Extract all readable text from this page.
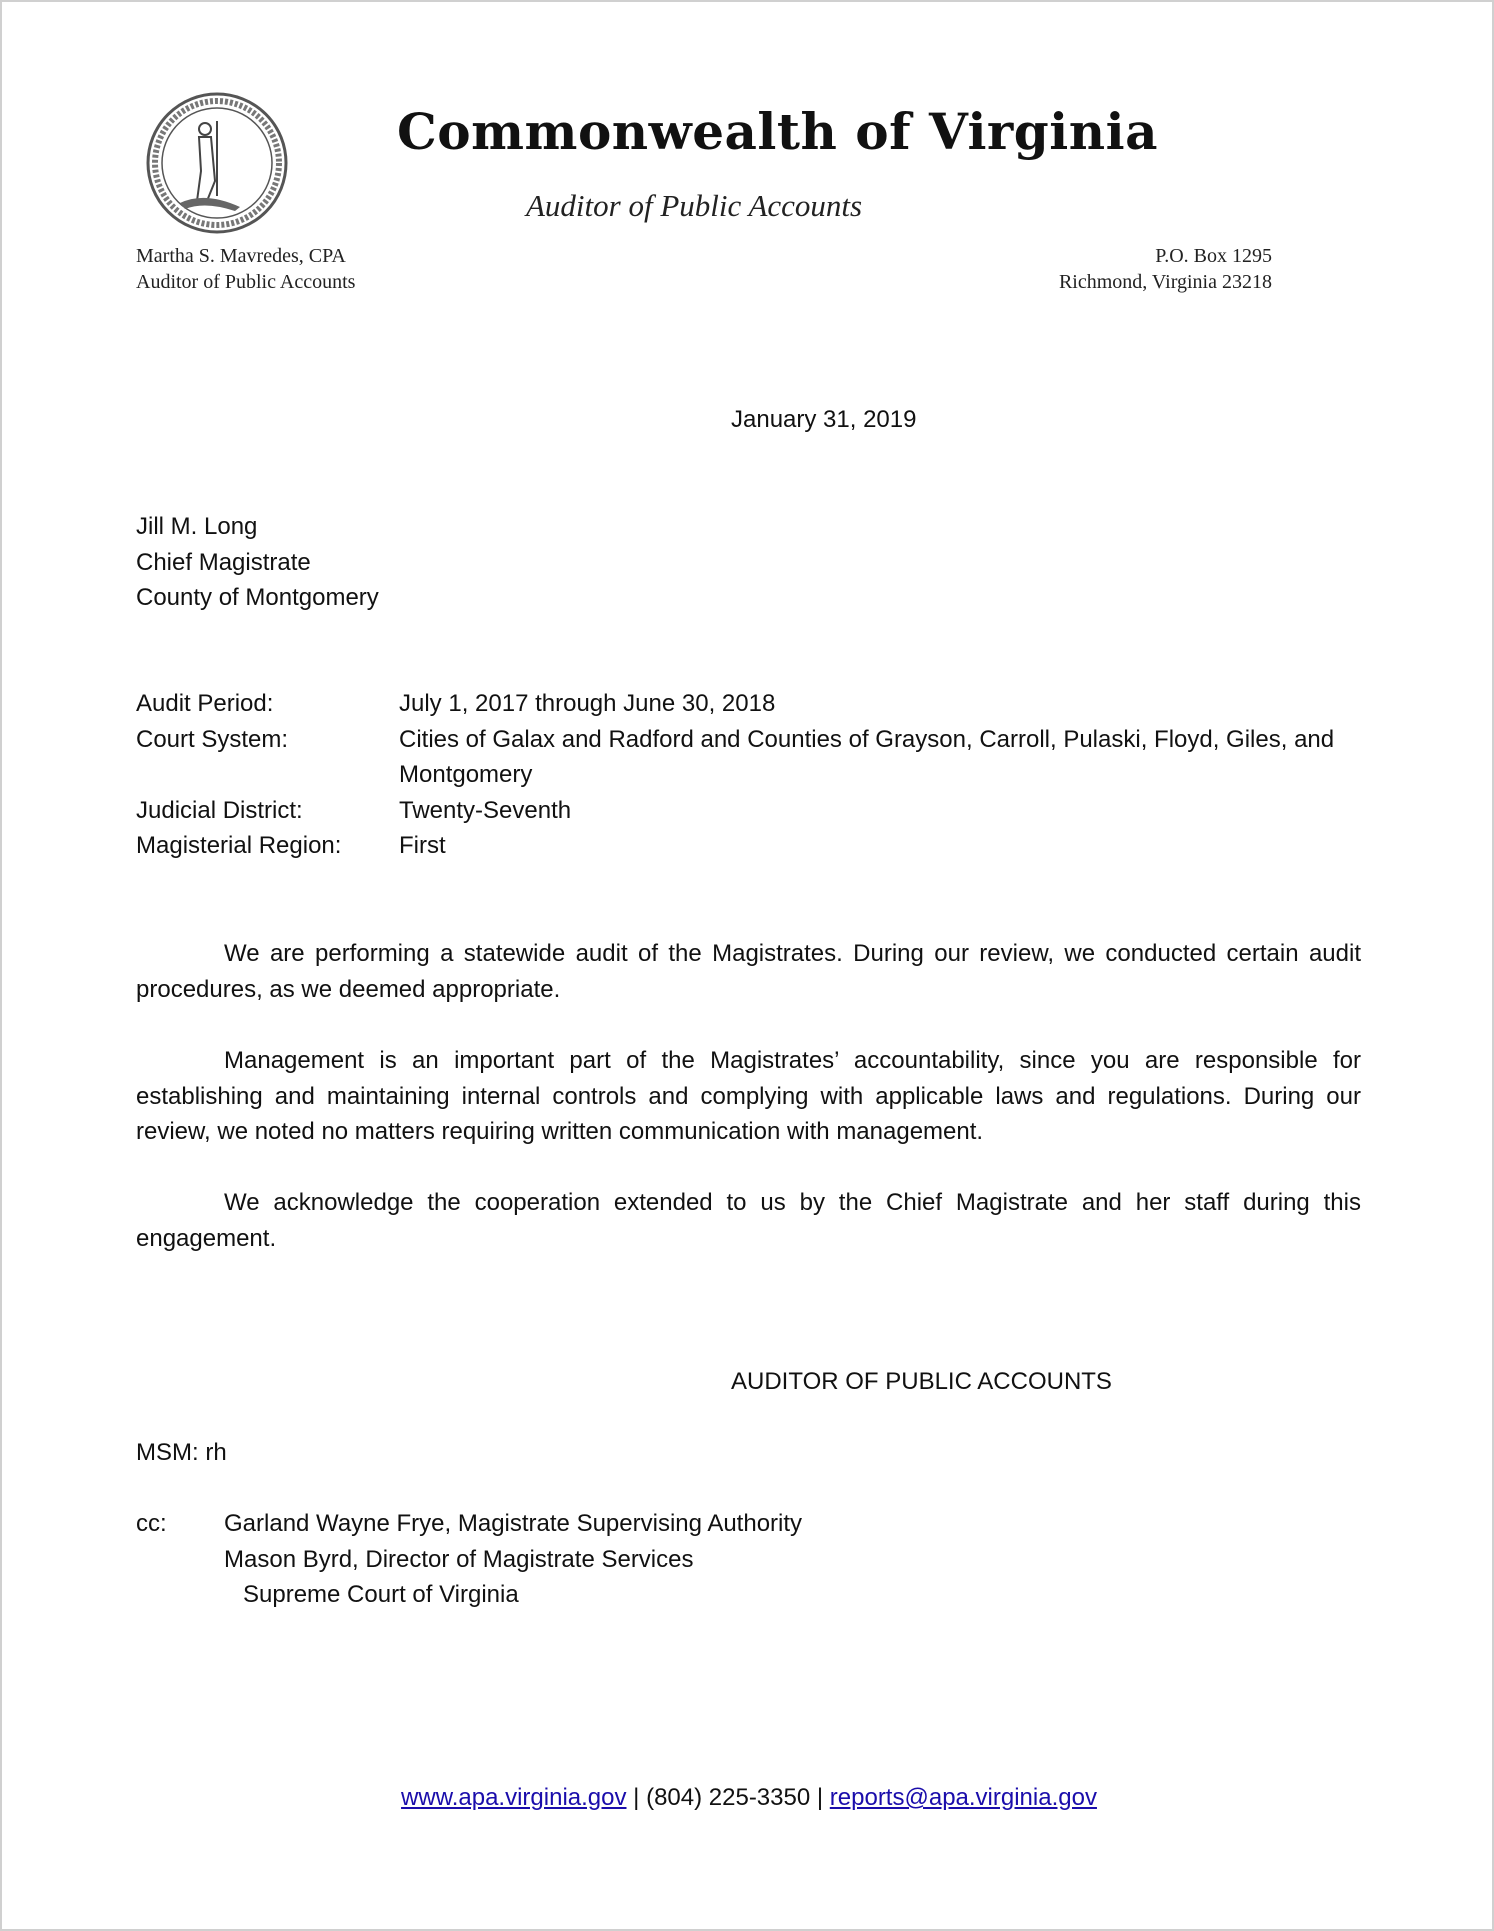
Commonwealth of Virginia
Auditor of Public Accounts
Martha S. Mavredes, CPA
Auditor of Public Accounts
P.O. Box 1295
Richmond, Virginia 23218
January 31, 2019
Jill M. Long
Chief Magistrate
County of Montgomery
Audit Period:	July 1, 2017 through June 30, 2018
Court System:	Cities of Galax and Radford and Counties of Grayson, Carroll, Pulaski, Floyd, Giles, and Montgomery
Judicial District:	Twenty-Seventh
Magisterial Region:	First
We are performing a statewide audit of the Magistrates. During our review, we conducted certain audit procedures, as we deemed appropriate.
Management is an important part of the Magistrates’ accountability, since you are responsible for establishing and maintaining internal controls and complying with applicable laws and regulations. During our review, we noted no matters requiring written communication with management.
We acknowledge the cooperation extended to us by the Chief Magistrate and her staff during this engagement.
AUDITOR OF PUBLIC ACCOUNTS
MSM: rh
cc: Garland Wayne Frye, Magistrate Supervising Authority
Mason Byrd, Director of Magistrate Services
Supreme Court of Virginia
www.apa.virginia.gov | (804) 225-3350 | reports@apa.virginia.gov
